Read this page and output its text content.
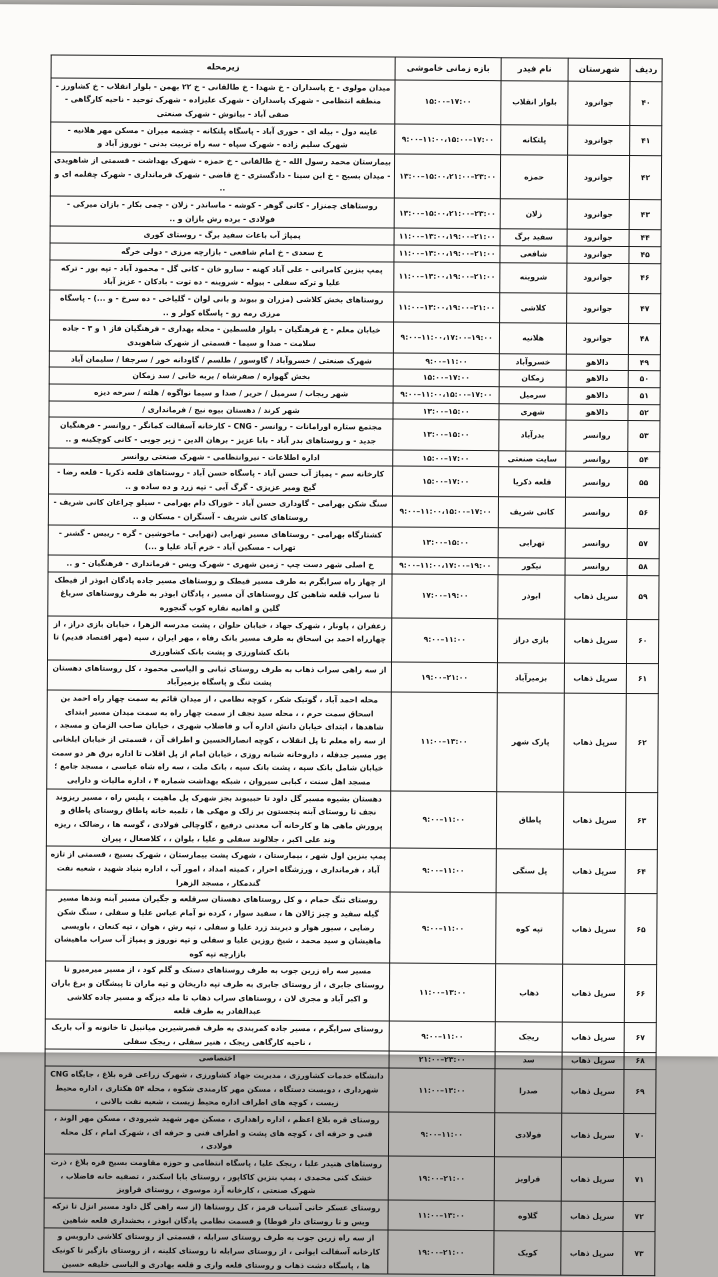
ردیف	شهرستان	نام فیدر	بازه زمانی خاموشی	زیرمحله
۴۰	جوانرود	بلوار انقلاب	۱۵:۰۰–۱۷:۰۰	میدان مولوی - خ پاسداران - خ شهدا - خ طالقانی - خ ۲۲ بهمن - بلوار انقلاب - خ کشاورز - منطقه انتظامی - شهرک پاسداران - شهرک علیزاده - شهرک توحید - ناحیه کارگاهی - صفی آباد - بیاتوش - شهرک صنعتی
۴۱	جوانرود	پلتکانه	۹:۰۰–۱۱:۰۰،۱۵:۰۰–۱۷:۰۰	عاینه دول - بیله ای - حوری آباد - پاسگاه پلتکانه - چشمه میران - مسکن مهر هلانیه - شهرک سلیم زاده - شهرک سپاه - سه راه تربیت بدنی - نوروز آباد و
۴۲	جوانرود	حمزه	۱۳:۰۰–۱۵:۰۰،۲۱:۰۰–۲۳:۰۰	بیمارستان محمد رسول الله - خ طالقانی - خ حمزه - شهرک بهداشت - قسمتی از شاهویدی - میدان بسیج - خ ابن سینا - دادگستری - خ قاضی - شهرک فرمانداری - شهرک چقلمه ای و ..
۴۳	جوانرود	زلان	۱۳:۰۰–۱۵:۰۰،۲۱:۰۰–۲۳:۰۰	روستاهای چمنزار - کانی گوهر - کوشه - ماسانذر - زلان - چمی بکار - بازان میرکی - فولادی - برده رش بازان و ..
۴۴	جوانرود	سفید برگ	۱۱:۰۰–۱۳:۰۰،۱۹:۰۰–۲۱:۰۰	پمپاژ آب باغات سفید برگ - روستای کوری
۴۵	جوانرود	شافعی	۱۱:۰۰–۱۳:۰۰،۱۹:۰۰–۲۱:۰۰	خ سعدی - خ امام شافعی - بازارچه مرزی - دولی خرگه
۴۶	جوانرود	شروینه	۱۱:۰۰–۱۳:۰۰،۱۹:۰۰–۲۱:۰۰	پمپ بنزین کامرانی - علی آباد کهنه - سارو خان - کانی گل - محمود آباد - تپه بور - ترکه علیا و ترکه سفلی - بیوله - شروینه - ده توت - بادکان - عزیز آباد
۴۷	جوانرود	کلاشی	۱۱:۰۰–۱۳:۰۰،۱۹:۰۰–۲۱:۰۰	روستاهای بخش کلاشی (مزران و بیوند و بانی لوان - گلیاخی - ده سرخ - و ...) - پاسگاه مرزی رمه رو - پاسگاه کولر و ..
۴۸	جوانرود	هلانیه	۹:۰۰–۱۱:۰۰،۱۷:۰۰–۱۹:۰۰	خیابان معلم - خ فرهنگیان - بلوار فلسطین - محله بهداری - فرهنگیان فاز ۱ و ۳ - جاده سلامت - صدا و سیما - قسمتی از شهرک شاهویدی
۴۹	دالاهو	خسروآباد	۹:۰۰–۱۱:۰۰	شهرک صنعتی / خسروآباد / گاوسور / طلسم / گاودانه خور / سرجفا / سلیمان آباد
۵۰	دالاهو	زمکان	۱۵:۰۰–۱۷:۰۰	بخش گهواره / صفرشاه / بربه خانی / سد زمکان
۵۱	دالاهو	سرمیل	۹:۰۰–۱۱:۰۰،۱۵:۰۰–۱۷:۰۰	شهر ریجاب / سرمیل / حریر / صدا و سیما نواگوه / هلته / سرخه دیزه
۵۲	دالاهو	شهری	۱۳:۰۰–۱۵:۰۰	شهر کرند / دهستان بیوه نیج / فرمانداری /
۵۳	روانسر	بدرآباد	۱۳:۰۰–۱۵:۰۰	مجتمع ستاره اورامانات - روانسر - CNG - کارخانه آسفالت کمانگر - روانسر - فرهنگیان جدید - و روستاهای بدر آباد - بابا عزیز - برهان الدین - زیر جویی - کانی کوچکینه و ..
۵۴	روانسر	سایت صنعتی	۱۵:۰۰–۱۷:۰۰	اداره اطلاعات - نیروانتظامی - شهرک صنعتی روانسر
۵۵	روانسر	قلعه ذکریا	۱۵:۰۰–۱۷:۰۰	کارخانه سم - پمپاژ آب حسن آباد - پاسگاه حسن آباد - روستاهای قلعه ذکریا - قلعه رضا - گیج ومیر عزیزی - گرگ آبی - تپه زرد و ده ساده و ..
۵۶	روانسر	کانی شریف	۹:۰۰–۱۱:۰۰،۱۵:۰۰–۱۷:۰۰	سنگ شکن بهرامی - گاوداری حسن آباد - خوراک دام بهرامی - سیلو چراغان کانی شریف - روستاهای کانی شریف - آسنگران - مسکان و ..
۵۷	روانسر	تهرابی	۱۳:۰۰–۱۵:۰۰	کشتارگاه بهرامی - روستاهای مسیر تهرابی (تهرابی - ماخوشین - گره - رییس - گشنر - تهراب - مسکین آباد - خرم آباد علیا و ...)
۵۸	روانسر	نیکور	۹:۰۰–۱۱:۰۰،۱۷:۰۰–۱۹:۰۰	خ اصلی شهر دست چپ - زمین شهری - شهرک ویس - فرمانداری - فرهنگیان - و ..
۵۹	سرپل ذهاب	ابوذر	۱۷:۰۰–۱۹:۰۰	از چهار راه سرابگرم به طرف مسیر قیطک و روستاهای مسیر جاده پادگان ابوذر از قیطک تا سراب قلعه شاهین کل روستاهای آن مسیر ، پادگان ابوذر به طرف روستاهای سرباغ گلین و اهانیه نقاره کوب گنجوره
۶۰	سرپل ذهاب	بازی دراز	۹:۰۰–۱۱:۰۰	زعفران ، پاونار ، شهرک جهاد ، خیابان حلوان ، پشت مدرسه الزهرا ، خیابان بازی دراز ، از چهارراه احمد بن اسحاق به طرف مسیر بانک رفاه ، مهر ایران ، سپه (مهر اقتصاد قدیم) تا بانک کشاورزی و پشت بانک کشاورزی
۶۱	سرپل ذهاب	بزمیرآباد	۱۹:۰۰–۲۱:۰۰	از سه راهی سراب ذهاب به طرف روستای ثبانی و الیاسی محمود ، کل روستاهای دهستان پشت تنگ و پاسگاه بزمیرآباد
۶۲	سرپل ذهاب	پارک شهر	۱۱:۰۰–۱۳:۰۰	محله احمد آباد ، گوتیک شکر ، کوچه نظامی ، از میدان قائم به سمت چهار راه احمد بن اسحاق سمت حرم ، ، محله سید نجف از سمت چهار راه به سمت میدان مسیر ابتدای شاهدها ، ابتدای خیابان دانش اداره آب و فاضلاب شهری ، خیابان صاحب الزمان و مسجد ، از سه راه معلم تا پل انقلاب ، کوچه انصارالحسین و اطراف آن ، قسمتی از خیابان ابلخانی پور مسیر جدفله ، داروخانه شبانه روزی ، خیابان امام از پل اقلاب تا اداره برق هر دو سمت خیابان شامل بانک سپه ، پشت بانک سپه ، بانک ملت ، سه راه شاه عباسی ، مسجد جامع ؛ مسجد اهل سنت ، کبابی سیروان ، شبکه بهداشت شماره ۴ ، اداره مالیات و دارایی
۶۳	سرپل ذهاب	پاطاق	۹:۰۰–۱۱:۰۰	دهستان بشیوه مسیر گل داود تا حبیبوند بجز شهرک پل ماهیت ، پلیس راه ، مسیر ریزوند نجف تا روستای آبنه پنجستون بر زلک و مهکی ها ، تلمبه خانه پاطاق روستای پاطاق و پرورش ماهی ها و کارخانه آب معدنی درفیع ، گاوچالی فولادی ، گوسه ها ، رضالک ، ریزه وند علی اکبر ، جلالوند سفلی و علیا ، بلوان ، ، کلاصعال ، پیران
۶۴	سرپل ذهاب	پل سنگی	۹:۰۰–۱۱:۰۰	پمپ بنزین اول شهر ، بیمارستان ، شهرک پشت بیمارستان ، شهرک بسیج ، قسمتی از تازه آباد ، فرمانداری ، ورزشگاه احرار ، کمیته امداد ، امور آب ، اداره بنیاد شهید ، شعبه نفت گندمکار ، مسجد الزهرا
۶۵	سرپل ذهاب	تپه کوه	۹:۰۰–۱۱:۰۰	روستای تنگ حمام ، و کل روستاهای دهستان سرقلعه و جگیران مسیر آبنه وندها مسیر گیله سفید و چبز ژالان ها ، سفید سوار ، کرده نو آمام عباس علیا و سفلی ، سنگ شکن رضایی ، سیور هوار و دیربند زرد علیا و سفلی ، تپه رش ، هوان ، تپه کنعان ، باویسی ماهیشان و سید محمد ، شیخ روزین علیا و سفلی و تپه نوروز و پمپاژ آب سراب ماهیشان بازارچه تپه کوه
۶۶	سرپل ذهاب	ذهاب	۱۱:۰۰–۱۳:۰۰	مسیر سه راه زرین جوب به طرف روستاهای دستک و گلم کود ، از مسیر میرمیرو تا روستای جابری ، از روستای جابری به طرف تپه داریخان و تپه ماران تا پیشگان و برغ باران و اکبر آباد و مجری لان ، روستاهای سراب ذهاب تا مله دیزگه و مسیر جاده کلاشی عبدالقادر به طرف قلعه
۶۷	سرپل ذهاب	ریجک	۹:۰۰–۱۱:۰۰	روستای سرابگرم ، مسیر جاده کمربندی به طرف قصرشیرین میانبیل تا خانونه و آب باریک ، ناحیه کارگاهی ریجک ، هنیر سفلی ، ریجک سفلی
۶۸	سرپل ذهاب	سد	۲۱:۰۰–۲۳:۰۰	اختصاصی
۶۹	سرپل ذهاب	صدرا	۱۱:۰۰–۱۳:۰۰	دانشگاه خدمات کشاورزی ، مدیریت جهاد کشاورزی ، شهرک زراعی قره بلاغ ، جایگاه CNG شهرداری ، دویست دستگاه ، مسکن مهر کارمندی شکوه ، محله ۵۴ هکتاری ، اداره محیط زیست ، کوچه های اطراف اداره محیط زیست ، شعبه نفت بالانی ،
۷۰	سرپل ذهاب	فولادی	۹:۰۰–۱۱:۰۰	روستای قره بلاغ اعظم ، اداره راهداری ، مسکن مهر شهید شیرودی ، مسکن مهر الوند ، فنی و حرفه ای ، کوچه های پشت و اطراف فنی و حرفه ای ، شهرک امام ، کل محله فولادی ،
۷۱	سرپل ذهاب	قراویز	۱۹:۰۰–۲۱:۰۰	روستاهای هنیدر علیا ، ریجک علیا ، پاسگاه انتظامی و حوزه مقاومت بسیج قره بلاغ ، ذرت خشک کنی محمدی ، پمپ بنزین کاکاپور ، روستای بابا اسکندر ، تصفیه خانه فاضلاب ، شهرک صنعتی ، کارخانه آرد موسوی ، روستای قراویز
۷۲	سرپل ذهاب	گلاوه	۱۱:۰۰–۱۳:۰۰	روستای عسکر خانی آسیاب قرمز ، کل روستاها (از سه راهی گل داود مسیر انزل تا ترکه ویس و تا روستای دار قوطا) و قسمت نظامی پادگان ابوذر ، بخشداری قلعه شاهین
۷۳	سرپل ذهاب	کویک	۱۹:۰۰–۲۱:۰۰	از سه راه زرین جوب به طرف روستای سرابله ، قسمتی از روستای کلاشی داروبس و کارخانه آسفالت ایوانی ، از روستای سرابله تا روستای کلینه ، از روستای بازگیر تا کونیک ها ، پاسگاه دشت ذهاب و روستای قلعه واری و قلعه بهادری و الیاسی خلیفه حسین
